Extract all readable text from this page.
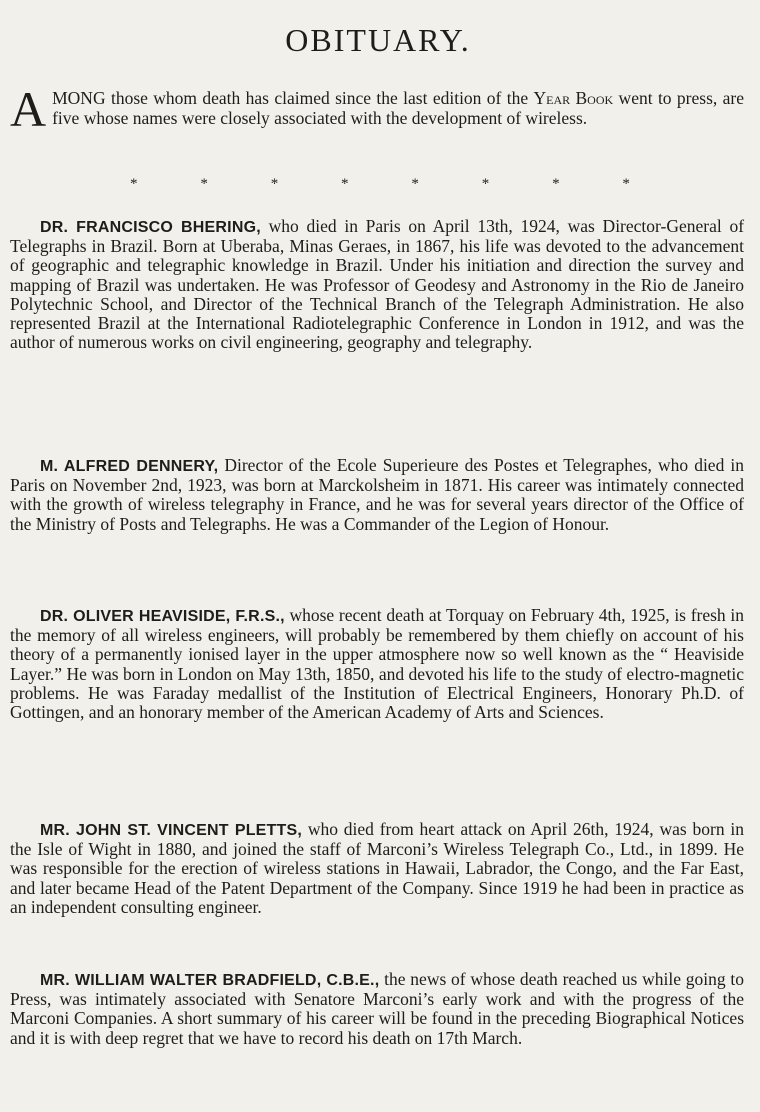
OBITUARY.
AMONG those whom death has claimed since the last edition of the Year Book went to press, are five whose names were closely associated with the development of wireless.
*	*	*	*	*	*	*	*

DR. FRANCISCO BHERING, who died in Paris on April 13th, 1924, was Director-General of Telegraphs in Brazil. Born at Uberaba, Minas Geraes, in 1867, his life was devoted to the advancement of geographic and telegraphic knowledge in Brazil. Under his initiation and direction the survey and mapping of Brazil was undertaken. He was Professor of Geodesy and Astronomy in the Rio de Janeiro Polytechnic School, and Director of the Technical Branch of the Telegraph Administration. He also represented Brazil at the International Radiotelegraphic Conference in London in 1912, and was the author of numerous works on civil engineering, geography and telegraphy.

M. ALFRED DENNERY, Director of the Ecole Superieure des Postes et Telegraphes, who died in Paris on November 2nd, 1923, was born at Marckolsheim in 1871. His career was intimately connected with the growth of wireless telegraphy in France, and he was for several years director of the Office of the Ministry of Posts and Telegraphs. He was a Commander of the Legion of Honour.

DR. OLIVER HEAVISIDE, F.R.S., whose recent death at Torquay on February 4th, 1925, is fresh in the memory of all wireless engineers, will probably be remembered by them chiefly on account of his theory of a permanently ionised layer in the upper atmosphere now so well known as the “ Heaviside Layer.” He was born in London on May 13th, 1850, and devoted his life to the study of electro-magnetic problems. He was Faraday medallist of the Institution of Electrical Engineers, Honorary Ph.D. of Gottingen, and an honorary member of the American Academy of Arts and Sciences.

MR. JOHN ST. VINCENT PLETTS, who died from heart attack on April 26th, 1924, was born in the Isle of Wight in 1880, and joined the staff of Marconi’s Wireless Telegraph Co., Ltd., in 1899. He was responsible for the erection of wireless stations in Hawaii, Labrador, the Congo, and the Far East, and later became Head of the Patent Department of the Company. Since 1919 he had been in practice as an independent consulting engineer.

MR. WILLIAM WALTER BRADFIELD, C.B.E., the news of whose death reached us while going to Press, was intimately associated with Senatore Marconi’s early work and with the progress of the Marconi Companies. A short summary of his career will be found in the preceding Biographical Notices and it is with deep regret that we have to record his death on 17th March.
